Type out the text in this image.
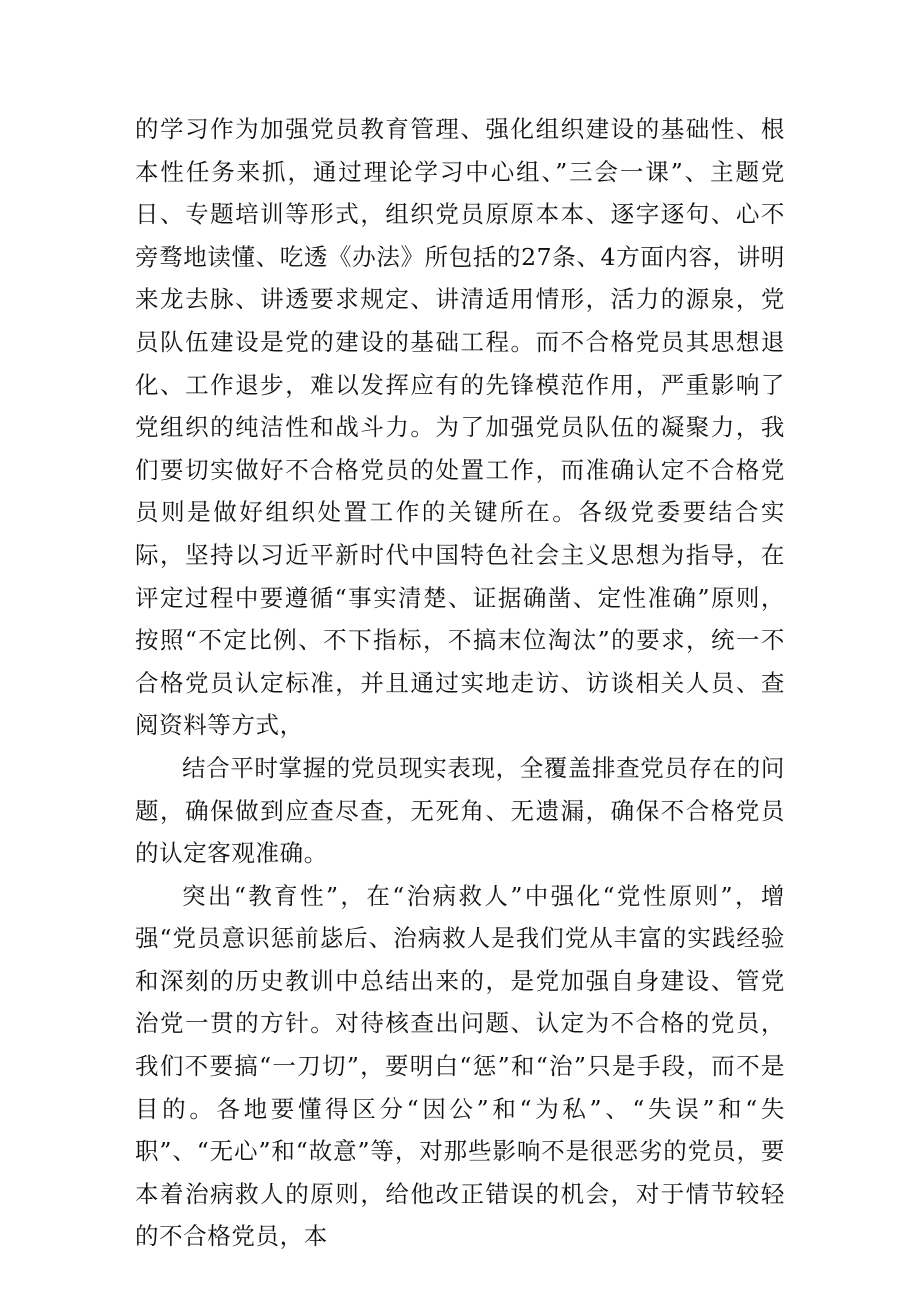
的学习作为加强党员教育管理、强化组织建设的基础性、根本性任务来抓，通过理论学习中心组、”三会一课”、主题党日、专题培训等形式，组织党员原原本本、逐字逐句、心不旁骛地读懂、吃透《办法》所包括的27条、4方面内容，讲明来龙去脉、讲透要求规定、讲清适用情形，活力的源泉，党员队伍建设是党的建设的基础工程。而不合格党员其思想退化、工作退步，难以发挥应有的先锋模范作用，严重影响了党组织的纯洁性和战斗力。为了加强党员队伍的凝聚力，我们要切实做好不合格党员的处置工作，而准确认定不合格党员则是做好组织处置工作的关键所在。各级党委要结合实际，坚持以习近平新时代中国特色社会主义思想为指导，在评定过程中要遵循“事实清楚、证据确凿、定性准确”原则，按照“不定比例、不下指标，不搞末位淘汰”的要求，统一不合格党员认定标准，并且通过实地走访、访谈相关人员、查阅资料等方式，

结合平时掌握的党员现实表现，全覆盖排查党员存在的问题，确保做到应查尽查，无死角、无遗漏，确保不合格党员的认定客观准确。

突出“教育性”，在“治病救人”中强化“党性原则”，增强“党员意识惩前毖后、治病救人是我们党从丰富的实践经验和深刻的历史教训中总结出来的，是党加强自身建设、管党治党一贯的方针。对待核查出问题、认定为不合格的党员，我们不要搞“一刀切”，要明白“惩”和“治”只是手段，而不是目的。各地要懂得区分“因公”和“为私”、“失误”和“失职”、“无心”和“故意”等，对那些影响不是很恶劣的党员，要本着治病救人的原则，给他改正错误的机会，对于情节较轻的不合格党员，本
